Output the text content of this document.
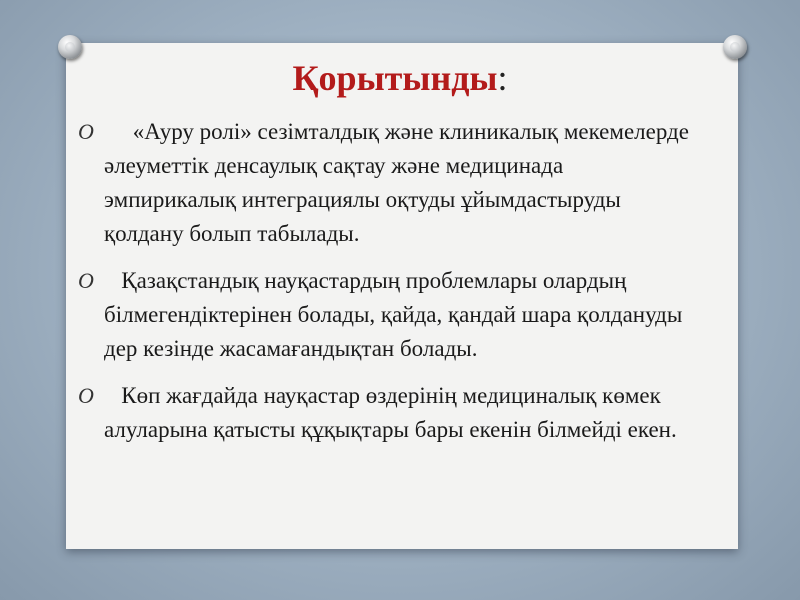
Қорытынды:
O «Ауру ролі» сезімталдық және клиникалық мекемелерде әлеуметтік денсаулық сақтау және медицинада эмпирикалық интеграциялы оқтуды ұйымдастыруды қолдану болып табылады.
O Қазақстандық науқастардың проблемлары олардың білмегендіктерінен болады, қайда, қандай шара қолдануды дер кезінде жасамағандықтан болады.
O Көп жағдайда науқастар өздерінің медициналық көмек алуларына қатысты құқықтары бары екенін білмейді екен.
